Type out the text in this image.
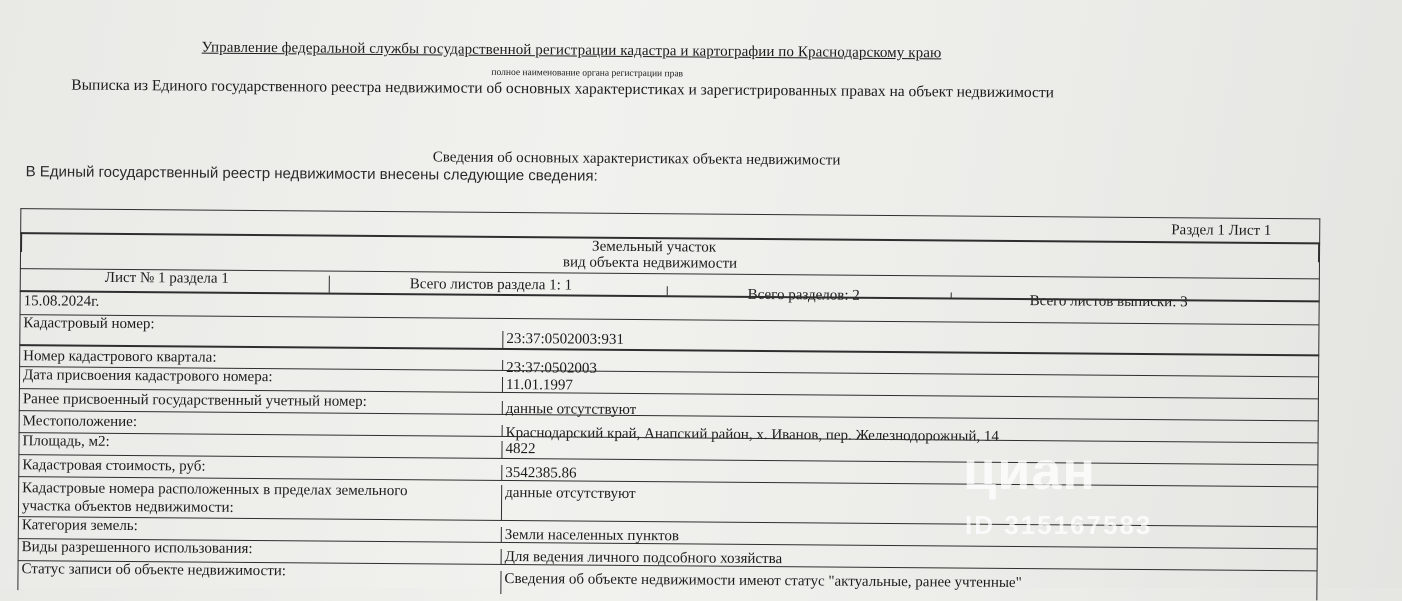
Управление федеральной службы государственной регистрации кадастра и картографии по Краснодарскому краю
полное наименование органа регистрации прав
Выписка из Единого государственного реестра недвижимости об основных характеристиках и зарегистрированных правах на объект недвижимости
Сведения об основных характеристиках объекта недвижимости
В Единый государственный реестр недвижимости внесены следующие сведения:
Раздел 1 Лист 1
Земельный участок
вид объекта недвижимости
Лист № 1 раздела 1	Всего листов раздела 1: 1
Всего разделов: 2	Всего листов выписки: 3
15.08.2024г.
Кадастровый номер:
23:37:0502003:931
Номер кадастрового квартала:
23:37:0502003
Дата присвоения кадастрового номера:
11.01.1997
Ранее присвоенный государственный учетный номер:	данные отсутствуют
Местоположение:
Краснодарский край, Анапский район, х. Иванов, пер. Железнодорожный, 14
Площадь, м2:	4822
Кадастровая стоимость, руб:	3542385.86
Кадастровые номера расположенных в пределах земельного
участка объектов недвижимости:
данные отсутствуют
Категория земель:
Земли населенных пунктов
Виды разрешенного использования:
Для ведения личного подсобного хозяйства
Статус записи об объекте недвижимости:
Сведения об объекте недвижимости имеют статус "актуальные, ранее учтенные"
циан
ID 315167583
